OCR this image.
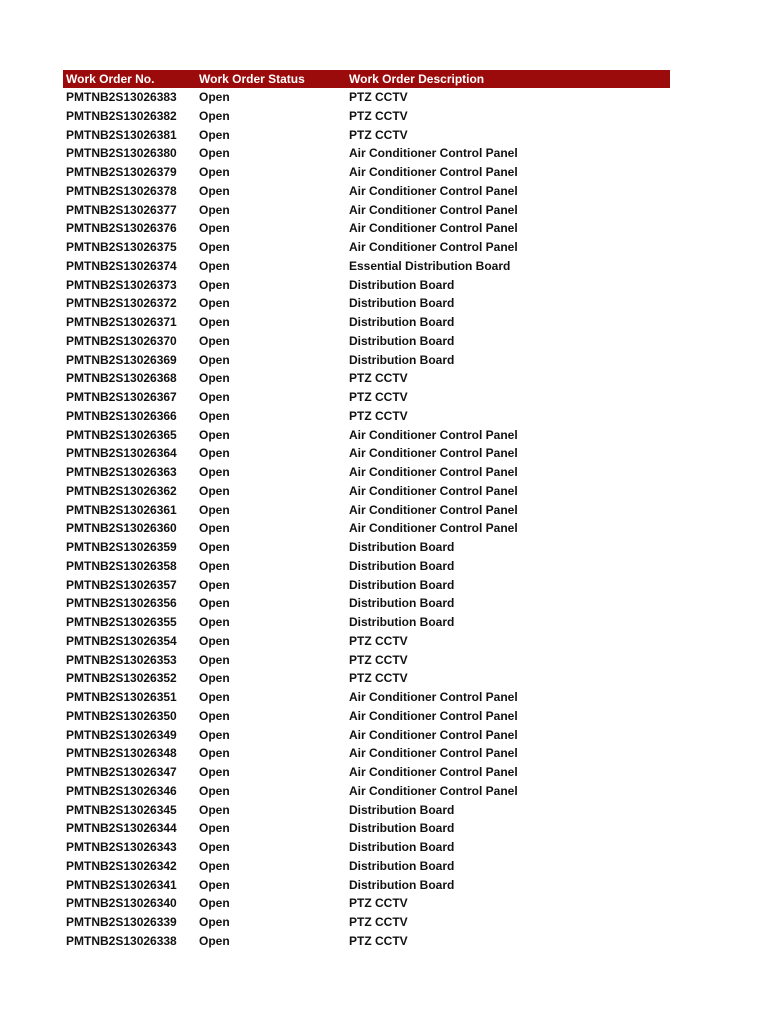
Work Order No.	Work Order Status	Work Order Description
PMTNB2S13026383	Open	PTZ CCTV
PMTNB2S13026382	Open	PTZ CCTV
PMTNB2S13026381	Open	PTZ CCTV
PMTNB2S13026380	Open	Air Conditioner Control Panel
PMTNB2S13026379	Open	Air Conditioner Control Panel
PMTNB2S13026378	Open	Air Conditioner Control Panel
PMTNB2S13026377	Open	Air Conditioner Control Panel
PMTNB2S13026376	Open	Air Conditioner Control Panel
PMTNB2S13026375	Open	Air Conditioner Control Panel
PMTNB2S13026374	Open	Essential Distribution Board
PMTNB2S13026373	Open	Distribution Board
PMTNB2S13026372	Open	Distribution Board
PMTNB2S13026371	Open	Distribution Board
PMTNB2S13026370	Open	Distribution Board
PMTNB2S13026369	Open	Distribution Board
PMTNB2S13026368	Open	PTZ CCTV
PMTNB2S13026367	Open	PTZ CCTV
PMTNB2S13026366	Open	PTZ CCTV
PMTNB2S13026365	Open	Air Conditioner Control Panel
PMTNB2S13026364	Open	Air Conditioner Control Panel
PMTNB2S13026363	Open	Air Conditioner Control Panel
PMTNB2S13026362	Open	Air Conditioner Control Panel
PMTNB2S13026361	Open	Air Conditioner Control Panel
PMTNB2S13026360	Open	Air Conditioner Control Panel
PMTNB2S13026359	Open	Distribution Board
PMTNB2S13026358	Open	Distribution Board
PMTNB2S13026357	Open	Distribution Board
PMTNB2S13026356	Open	Distribution Board
PMTNB2S13026355	Open	Distribution Board
PMTNB2S13026354	Open	PTZ CCTV
PMTNB2S13026353	Open	PTZ CCTV
PMTNB2S13026352	Open	PTZ CCTV
PMTNB2S13026351	Open	Air Conditioner Control Panel
PMTNB2S13026350	Open	Air Conditioner Control Panel
PMTNB2S13026349	Open	Air Conditioner Control Panel
PMTNB2S13026348	Open	Air Conditioner Control Panel
PMTNB2S13026347	Open	Air Conditioner Control Panel
PMTNB2S13026346	Open	Air Conditioner Control Panel
PMTNB2S13026345	Open	Distribution Board
PMTNB2S13026344	Open	Distribution Board
PMTNB2S13026343	Open	Distribution Board
PMTNB2S13026342	Open	Distribution Board
PMTNB2S13026341	Open	Distribution Board
PMTNB2S13026340	Open	PTZ CCTV
PMTNB2S13026339	Open	PTZ CCTV
PMTNB2S13026338	Open	PTZ CCTV
